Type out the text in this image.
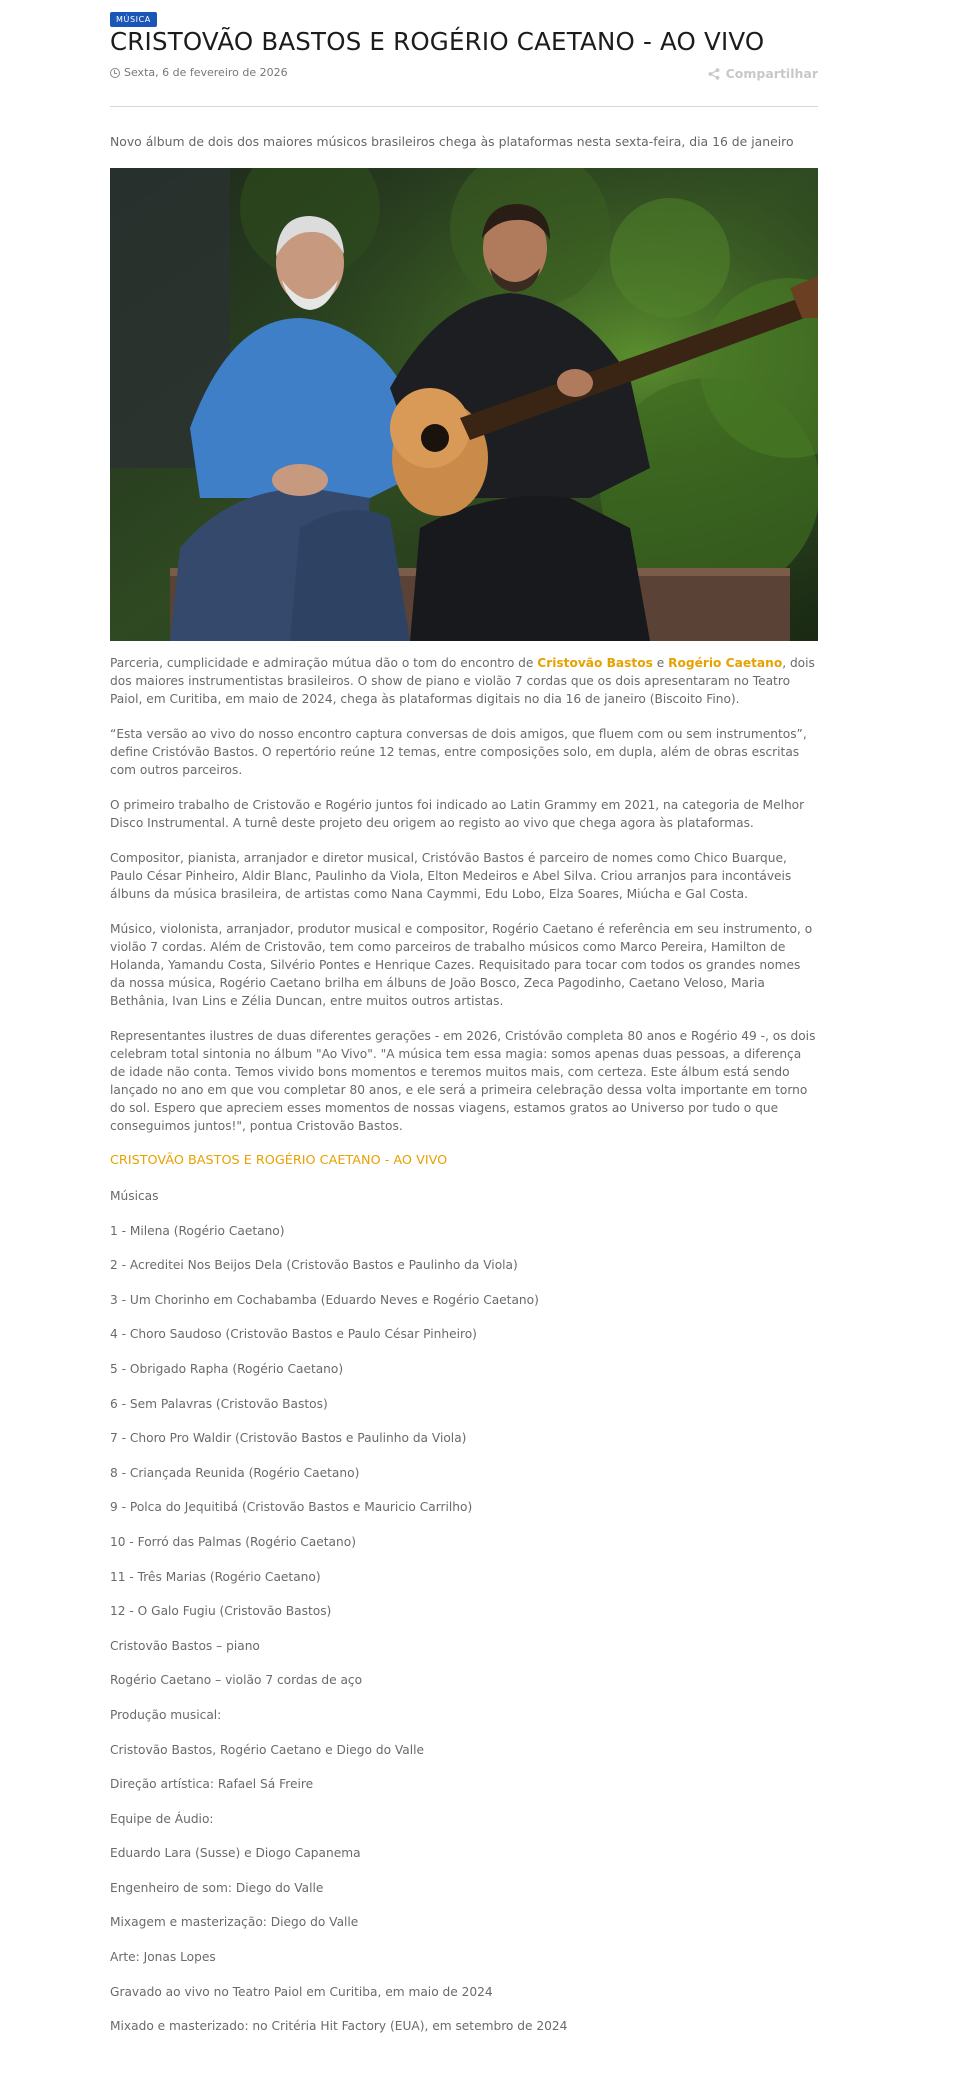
MÚSICA
CRISTOVÃO BASTOS E ROGÉRIO CAETANO - AO VIVO
Sexta, 6 de fevereiro de 2026	Compartilhar

Novo álbum de dois dos maiores músicos brasileiros chega às plataformas nesta sexta-feira, dia 16 de janeiro

Parceria, cumplicidade e admiração mútua dão o tom do encontro de Cristovão Bastos e Rogério Caetano, dois dos maiores instrumentistas brasileiros. O show de piano e violão 7 cordas que os dois apresentaram no Teatro Paiol, em Curitiba, em maio de 2024, chega às plataformas digitais no dia 16 de janeiro (Biscoito Fino).

“Esta versão ao vivo do nosso encontro captura conversas de dois amigos, que fluem com ou sem instrumentos”, define Cristóvão Bastos. O repertório reúne 12 temas, entre composições solo, em dupla, além de obras escritas com outros parceiros.

O primeiro trabalho de Cristovão e Rogério juntos foi indicado ao Latin Grammy em 2021, na categoria de Melhor Disco Instrumental. A turnê deste projeto deu origem ao registo ao vivo que chega agora às plataformas.

Compositor, pianista, arranjador e diretor musical, Cristóvão Bastos é parceiro de nomes como Chico Buarque, Paulo César Pinheiro, Aldir Blanc, Paulinho da Viola, Elton Medeiros e Abel Silva. Criou arranjos para incontáveis álbuns da música brasileira, de artistas como Nana Caymmi, Edu Lobo, Elza Soares, Miúcha e Gal Costa.

Músico, violonista, arranjador, produtor musical e compositor, Rogério Caetano é referência em seu instrumento, o violão 7 cordas. Além de Cristovão, tem como parceiros de trabalho músicos como Marco Pereira, Hamilton de Holanda, Yamandu Costa, Silvério Pontes e Henrique Cazes. Requisitado para tocar com todos os grandes nomes da nossa música, Rogério Caetano brilha em álbuns de João Bosco, Zeca Pagodinho, Caetano Veloso, Maria Bethânia, Ivan Lins e Zélia Duncan, entre muitos outros artistas.

Representantes ilustres de duas diferentes gerações - em 2026, Cristóvão completa 80 anos e Rogério 49 -, os dois celebram total sintonia no álbum "Ao Vivo". "A música tem essa magia: somos apenas duas pessoas, a diferença de idade não conta. Temos vivido bons momentos e teremos muitos mais, com certeza. Este álbum está sendo lançado no ano em que vou completar 80 anos, e ele será a primeira celebração dessa volta importante em torno do sol. Espero que apreciem esses momentos de nossas viagens, estamos gratos ao Universo por tudo o que conseguimos juntos!", pontua Cristovão Bastos.

CRISTOVÃO BASTOS E ROGÉRIO CAETANO - AO VIVO

Músicas
1 - Milena (Rogério Caetano)
2 - Acreditei Nos Beijos Dela (Cristovão Bastos e Paulinho da Viola)
3 - Um Chorinho em Cochabamba (Eduardo Neves e Rogério Caetano)
4 - Choro Saudoso (Cristovão Bastos e Paulo César Pinheiro)
5 - Obrigado Rapha (Rogério Caetano)
6 - Sem Palavras (Cristovão Bastos)
7 - Choro Pro Waldir (Cristovão Bastos e Paulinho da Viola)
8 - Criançada Reunida (Rogério Caetano)
9 - Polca do Jequitibá (Cristovão Bastos e Mauricio Carrilho)
10 - Forró das Palmas (Rogério Caetano)
11 - Três Marias (Rogério Caetano)
12 - O Galo Fugiu (Cristovão Bastos)
Cristovão Bastos – piano
Rogério Caetano – violão 7 cordas de aço
Produção musical:
Cristovão Bastos, Rogério Caetano e Diego do Valle
Direção artística: Rafael Sá Freire
Equipe de Áudio:
Eduardo Lara (Susse) e Diogo Capanema
Engenheiro de som: Diego do Valle
Mixagem e masterização: Diego do Valle
Arte: Jonas Lopes
Gravado ao vivo no Teatro Paiol em Curitiba, em maio de 2024
Mixado e masterizado: no Critéria Hit Factory (EUA), em setembro de 2024
